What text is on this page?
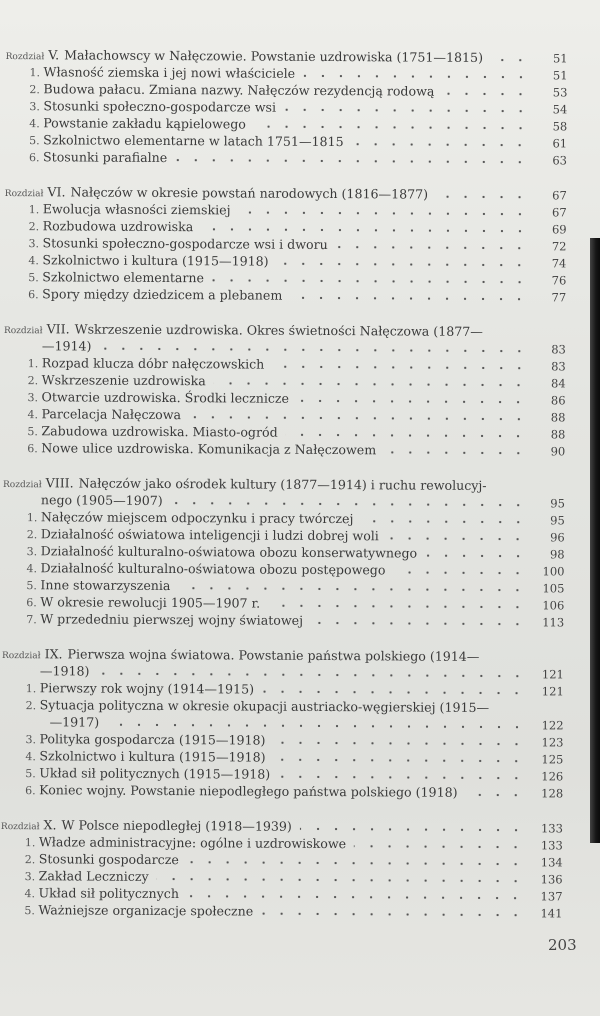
Rozdział V. Małachowscy w Nałęczowie. Powstanie uzdrowiska (1751—1815)	51
1. Własność ziemska i jej nowi właściciele	51
2. Budowa pałacu. Zmiana nazwy. Nałęczów rezydencją rodową	53
3. Stosunki społeczno-gospodarcze wsi	54
4. Powstanie zakładu kąpielowego	58
5. Szkolnictwo elementarne w latach 1751—1815	61
6. Stosunki parafialne	63
Rozdział VI. Nałęczów w okresie powstań narodowych (1816—1877)	67
1. Ewolucja własności ziemskiej	67
2. Rozbudowa uzdrowiska	69
3. Stosunki społeczno-gospodarcze wsi i dworu	72
4. Szkolnictwo i kultura (1915—1918)	74
5. Szkolnictwo elementarne	76
6. Spory między dziedzicem a plebanem	77
Rozdział VII. Wskrzeszenie uzdrowiska. Okres świetności Nałęczowa (1877—
—1914)	83
1. Rozpad klucza dóbr nałęczowskich	83
2. Wskrzeszenie uzdrowiska	84
3. Otwarcie uzdrowiska. Środki lecznicze	86
4. Parcelacja Nałęczowa	88
5. Zabudowa uzdrowiska. Miasto-ogród	88
6. Nowe ulice uzdrowiska. Komunikacja z Nałęczowem	90
Rozdział VIII. Nałęczów jako ośrodek kultury (1877—1914) i ruchu rewolucyj-
nego (1905—1907)	95
1. Nałęczów miejscem odpoczynku i pracy twórczej	95
2. Działalność oświatowa inteligencji i ludzi dobrej woli	96
3. Działalność kulturalno-oświatowa obozu konserwatywnego	98
4. Działalność kulturalno-oświatowa obozu postępowego	100
5. Inne stowarzyszenia	105
6. W okresie rewolucji 1905—1907 r.	106
7. W przededniu pierwszej wojny światowej	113
Rozdział IX. Pierwsza wojna światowa. Powstanie państwa polskiego (1914—
—1918)	121
1. Pierwszy rok wojny (1914—1915)	121
2. Sytuacja polityczna w okresie okupacji austriacko-węgierskiej (1915—
—1917)	122
3. Polityka gospodarcza (1915—1918)	123
4. Szkolnictwo i kultura (1915—1918)	125
5. Układ sił politycznych (1915—1918)	126
6. Koniec wojny. Powstanie niepodległego państwa polskiego (1918)	128
Rozdział X. W Polsce niepodległej (1918—1939)	133
1. Władze administracyjne: ogólne i uzdrowiskowe	133
2. Stosunki gospodarcze	134
3. Zakład Leczniczy	136
4. Układ sił politycznych	137
5. Ważniejsze organizacje społeczne	141
203
